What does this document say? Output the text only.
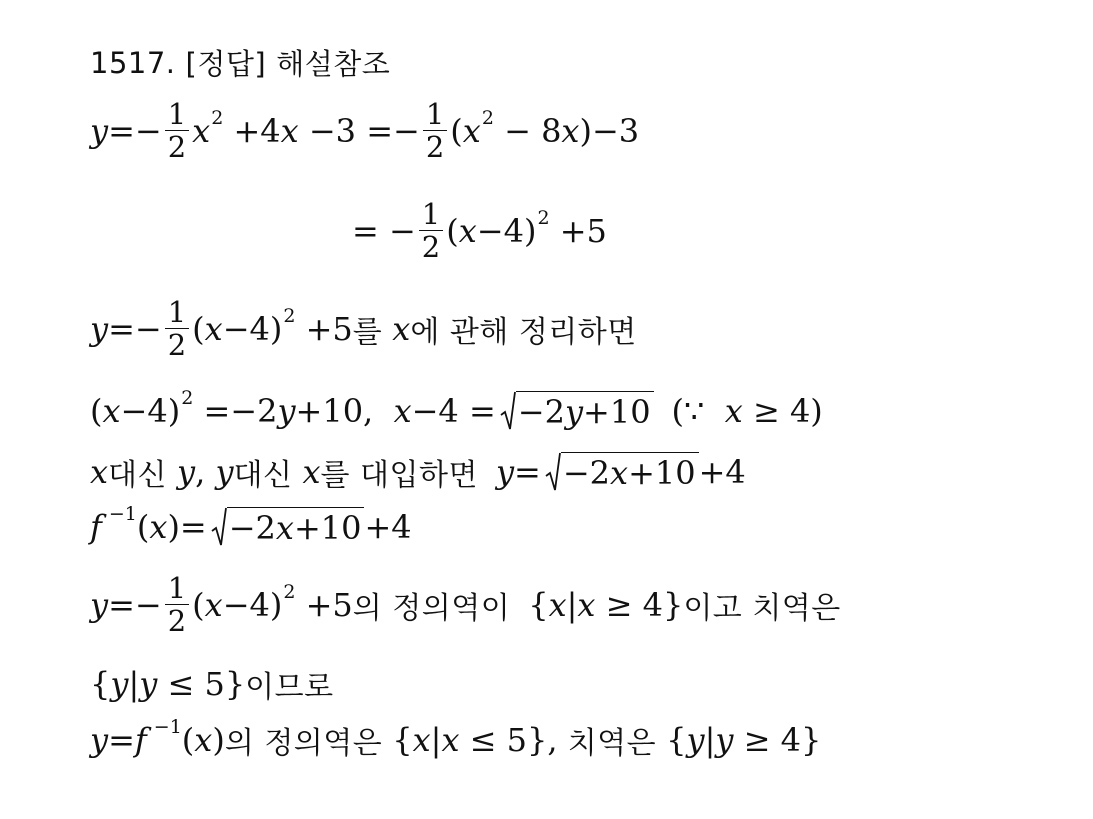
1517. [정답] 해설참조
$y =- \frac{1}{2}$ x 2 +4 $x -3 =- \frac{1}{2}$ ( x 2 − 8 x )−3
= − $\frac{1}{2}$ ( x −4) 2 +5
$y =- \frac{1}{2}$ ( x −4) 2 +5 를 x 에 관해 정리하면
( x −4) 2 =−2 y +10, x −4 = −2 y +10 (∵ x ≥ 4)
x 대신 y , y 대신 x 를 대입하면 y = −2 x +10 +4
f −1 ( x )= −2 x +10 +4
$y =- \frac{1}{2}$ ( x −4) 2 +5 의 정의역이 { x | x ≥ 4} 이고 치역은
{ y | y ≤ 5} 이므로
y = f −1 ( x ) 의 정의역은 { x | x ≤ 5}, 치역은 { y | y ≥ 4}
